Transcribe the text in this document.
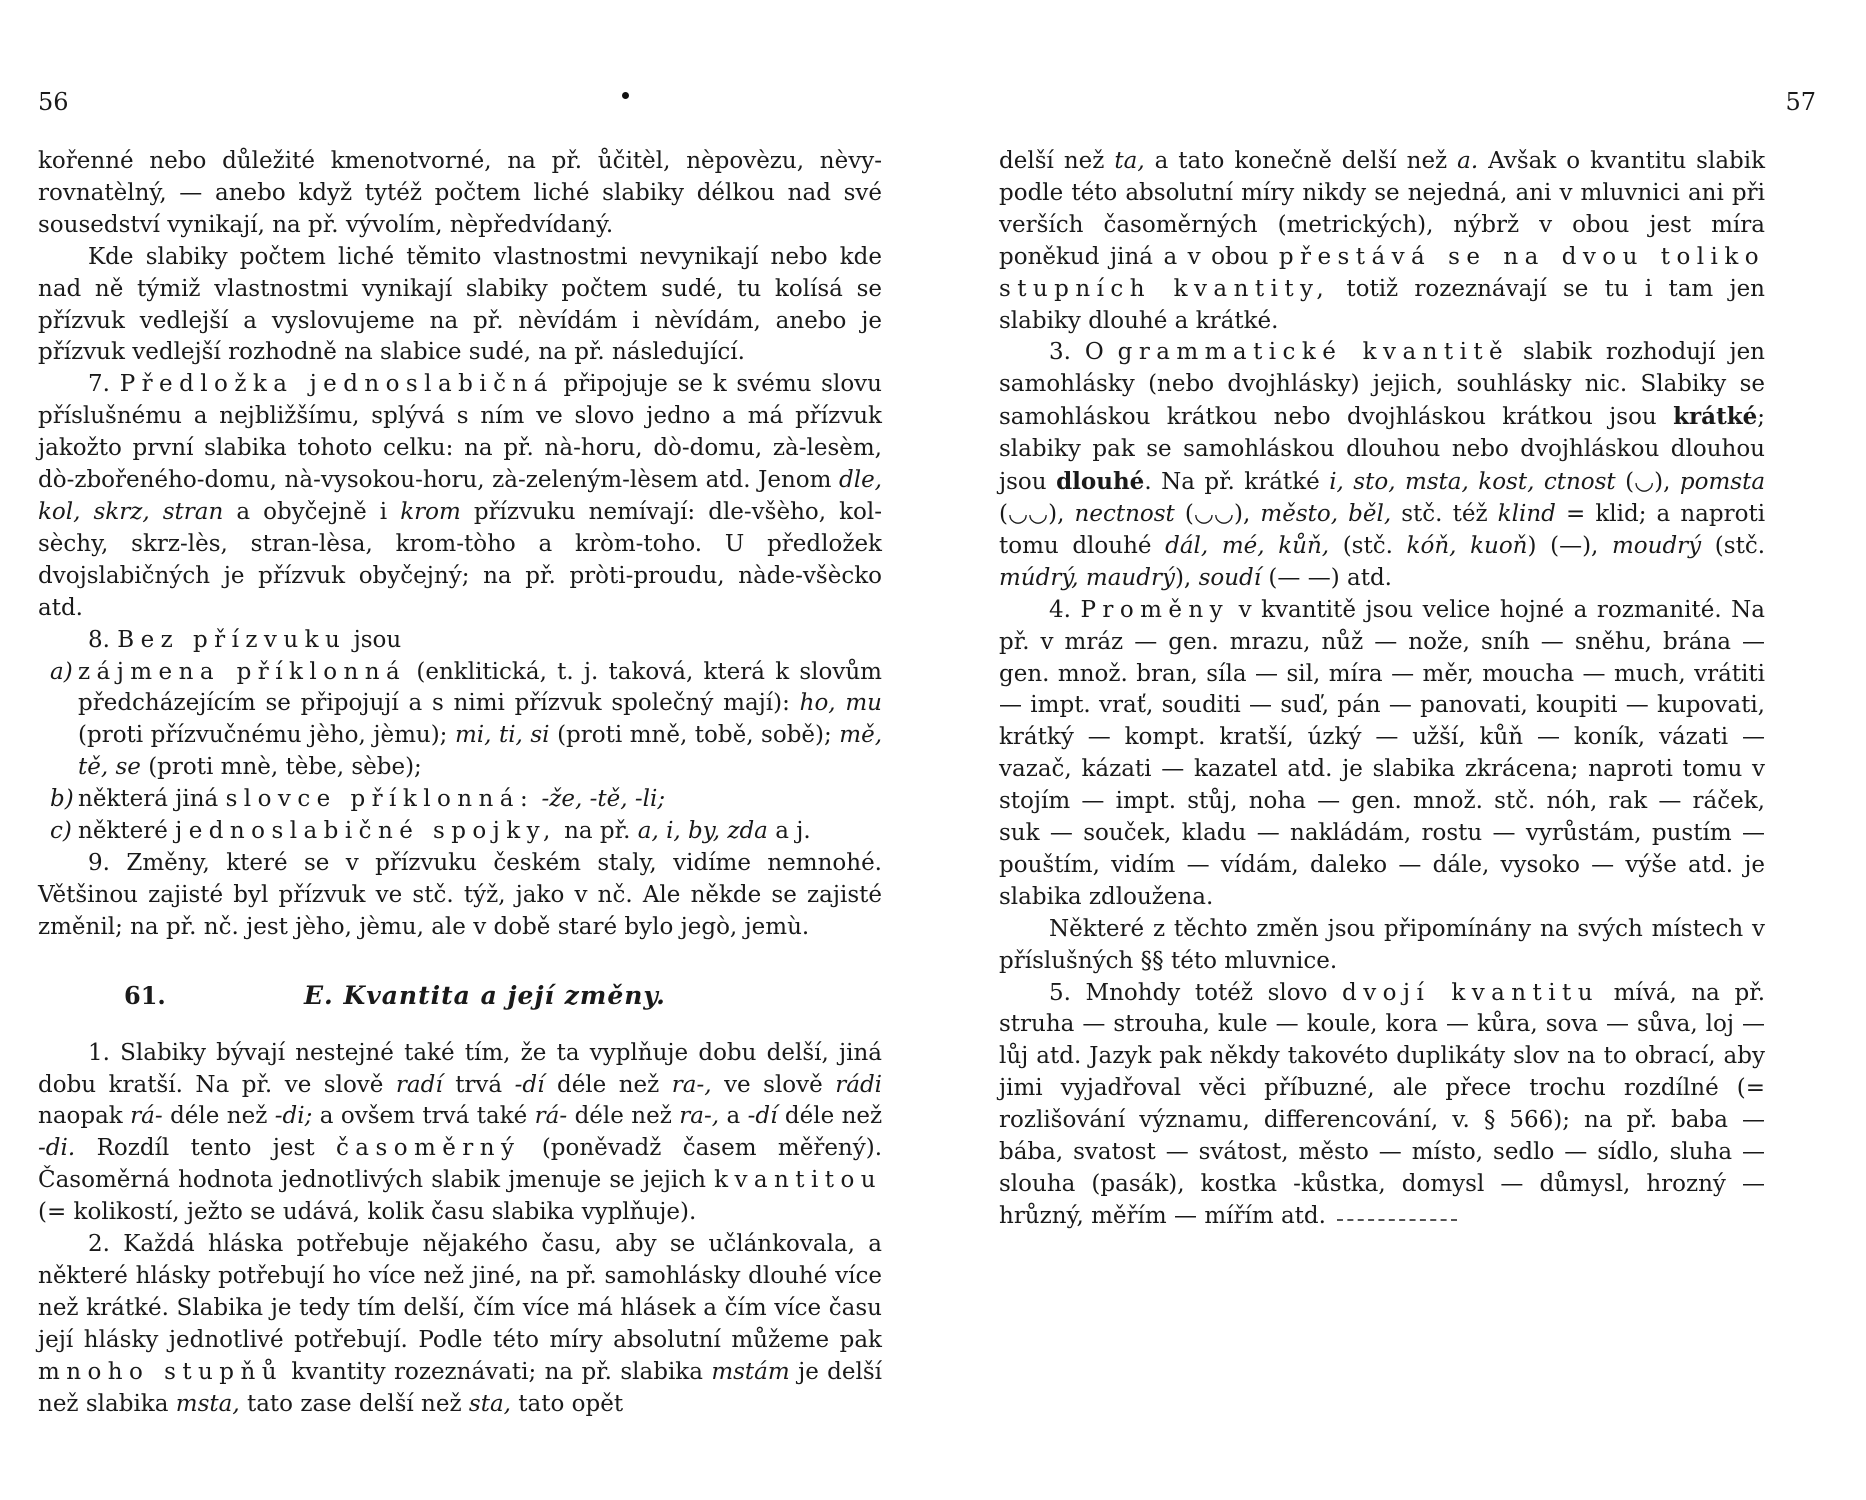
56

kořenné nebo důležité kmenotvorné, na př. ůčitèl, nèpovèzu, nèvy-rovnatèlný, — anebo když tytéž počtem liché slabiky délkou nad své sousedství vynikají, na př. vývolím, nèpředvídaný.

Kde slabiky počtem liché těmito vlastnostmi nevynikají nebo kde nad ně týmiž vlastnostmi vynikají slabiky počtem sudé, tu kolísá se přízvuk vedlejší a vyslovujeme na př. nèvídám i nèvídám, anebo je přízvuk vedlejší rozhodně na slabice sudé, na př. následující.

7. Předložka jednoslabičná připojuje se k svému slovu příslušnému a nejbližšímu, splývá s ním ve slovo jedno a má přízvuk jakožto první slabika tohoto celku: na př. nà-horu, dò-domu, zà-lesèm, dò-zbořeného-domu, nà-vysokou-horu, zà-zeleným-lèsem atd. Jenom dle, kol, skrz, stran a obyčejně i krom přízvuku nemívají: dle-všèho, kol-sèchy, skrz-lès, stran-lèsa, krom-tòho a kròm-toho. U předložek dvojslabičných je přízvuk obyčejný; na př. pròti-proudu, nàde-všècko atd.

8. Bez přízvuku jsou

a) zájmena příklonná (enklitická, t. j. taková, která k slovům předcházejícím se připojují a s nimi přízvuk společný mají): ho, mu (proti přízvučnému jèho, jèmu); mi, ti, si (proti mně, tobě, sobě); mě, tě, se (proti mnè, tèbe, sèbe);

b) některá jiná slovce příklonná: -že, -tě, -li;

c) některé jednoslabičné spojky, na př. a, i, by, zda a j.

9. Změny, které se v přízvuku českém staly, vidíme nemnohé. Většinou zajisté byl přízvuk ve stč. týž, jako v nč. Ale někde se zajisté změnil; na př. nč. jest jèho, jèmu, ale v době staré bylo jegò, jemù.

61.	E. Kvantita a její změny.

1. Slabiky bývají nestejné také tím, že ta vyplňuje dobu delší, jiná dobu kratší. Na př. ve slově radí trvá -dí déle než ra-, ve slově rádi naopak rá- déle než -di; a ovšem trvá také rá- déle než ra-, a -dí déle než -di. Rozdíl tento jest časoměrný (poněvadž časem měřený). Časoměrná hodnota jednotlivých slabik jmenuje se jejich kvantitou (= kolikostí, ježto se udává, kolik času slabika vyplňuje).

2. Každá hláska potřebuje nějakého času, aby se učlánkovala, a některé hlásky potřebují ho více než jiné, na př. samohlásky dlouhé více než krátké. Slabika je tedy tím delší, čím více má hlásek a čím více času její hlásky jednotlivé potřebují. Podle této míry absolutní můžeme pak mnoho stupňů kvantity rozeznávati; na př. slabika mstám je delší než slabika msta, tato zase delší než sta, tato opět

57

delší než ta, a tato konečně delší než a. Avšak o kvantitu slabik podle této absolutní míry nikdy se nejedná, ani v mluvnici ani při verších časoměrných (metrických), nýbrž v obou jest míra poněkud jiná a v obou přestává se na dvou toliko stupních kvantity, totiž rozeznávají se tu i tam jen slabiky dlouhé a krátké.

3. O grammatické kvantitě slabik rozhodují jen samohlásky (nebo dvojhlásky) jejich, souhlásky nic. Slabiky se samohláskou krátkou nebo dvojhláskou krátkou jsou krátké; slabiky pak se samohláskou dlouhou nebo dvojhláskou dlouhou jsou dlouhé. Na př. krátké i, sto, msta, kost, ctnost (◡), pomsta (◡◡), nectnost (◡◡), město, běl, stč. též klind = klid; a naproti tomu dlouhé dál, mé, kůň, (stč. kóň, kuoň) (—), moudrý (stč. múdrý, maudrý), soudí (— —) atd.

4. Proměny v kvantitě jsou velice hojné a rozmanité. Na př. v mráz — gen. mrazu, nůž — nože, sníh — sněhu, brána — gen. množ. bran, síla — sil, míra — měr, moucha — much, vrátiti — impt. vrať, souditi — suď, pán — panovati, koupiti — kupovati, krátký — kompt. kratší, úzký — užší, kůň — koník, vázati — vazač, kázati — kazatel atd. je slabika zkrácena; naproti tomu v stojím — impt. stůj, noha — gen. množ. stč. nóh, rak — ráček, suk — souček, kladu — nakládám, rostu — vyrůstám, pustím — pouštím, vidím — vídám, daleko — dále, vysoko — výše atd. je slabika zdloužena.

Některé z těchto změn jsou připomínány na svých místech v příslušných §§ této mluvnice.

5. Mnohdy totéž slovo dvojí kvantitu mívá, na př. struha — strouha, kule — koule, kora — kůra, sova — sůva, loj — lůj atd. Jazyk pak někdy takovéto duplikáty slov na to obrací, aby jimi vyjadřoval věci příbuzné, ale přece trochu rozdílné (= rozlišování významu, differencování, v. § 566); na př. baba — bába, svatost — svátost, město — místo, sedlo — sídlo, sluha — slouha (pasák), kostka -kůstka, domysl — důmysl, hrozný — hrůzný, měřím — mířím atd.
